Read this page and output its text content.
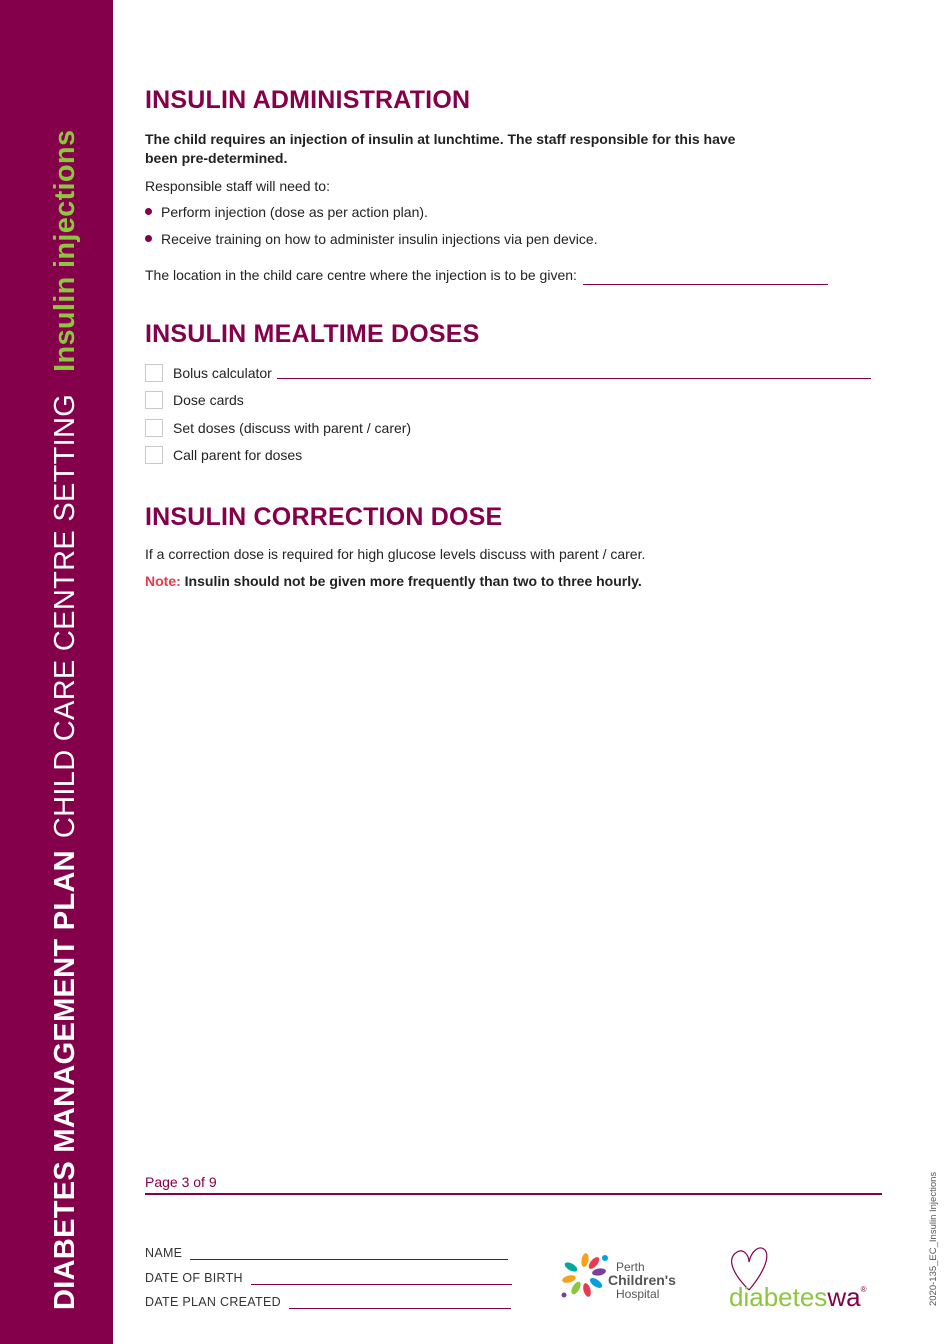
DIABETES MANAGEMENT PLANCHILD CARE CENTRE SETTINGInsulin injections
INSULIN ADMINISTRATION
The child requires an injection of insulin at lunchtime. The staff responsible for this have
been pre-determined.
Responsible staff will need to:
Perform injection (dose as per action plan).
Receive training on how to administer insulin injections via pen device.
The location in the child care centre where the injection is to be given:
INSULIN MEALTIME DOSES
Bolus calculator
Dose cards
Set doses (discuss with parent / carer)
Call parent for doses
INSULIN CORRECTION DOSE
If a correction dose is required for high glucose levels discuss with parent / carer.
Note: Insulin should not be given more frequently than two to three hourly.
Page 3 of 9
NAME
DATE OF BIRTH
DATE PLAN CREATED
Perth
Children's
Hospital	diabeteswa®	2020-135_EC_Insulin Injections
